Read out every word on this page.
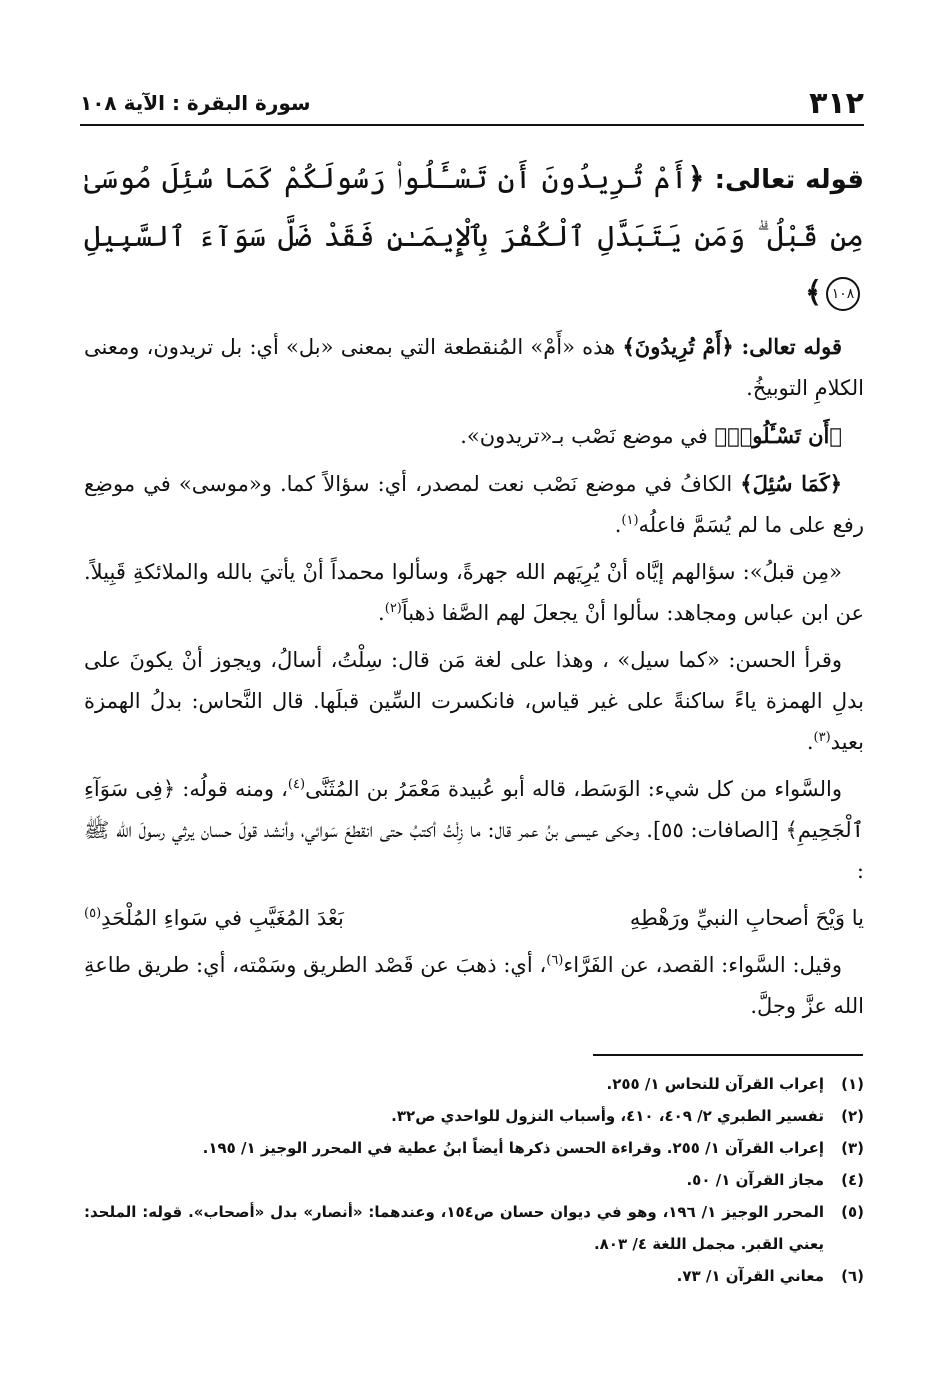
٣١٢
سورة البقرة : الآية ١٠٨

قوله تعالى: ﴿أَمْ تُرِيدُونَ أَن تَسْـَٔلُوا۟ رَسُولَكُمْ كَمَا سُئِلَ مُوسَىٰ مِن قَبْلُ ۗ وَمَن يَتَبَدَّلِ ٱلْكُفْرَ بِٱلْإِيمَـٰنِ فَقَدْ ضَلَّ سَوَآءَ ٱلسَّبِيلِ ١٠٨﴾

قوله تعالى: ﴿أَمْ تُرِيدُونَ﴾ هذه «أَمْ» المُنقطعة التي بمعنى «بل» أي: بل تريدون، ومعنى الكلامِ التوبيخُ.

﴿أَن تَسْـَٔلُوا۟﴾ في موضع نَصْب بـ«تريدون».

﴿كَمَا سُئِلَ﴾ الكافُ في موضع نَصْب نعت لمصدر، أي: سؤالاً كما. و«موسى» في موضِع رفع على ما لم يُسَمَّ فاعلُه$^{(١)}$.

«مِن قبلُ»: سؤالهم إيَّاه أنْ يُرِيَهم الله جهرةً، وسألوا محمداً أنْ يأتيَ بالله والملائكةِ قَبِيلاً. عن ابن عباس ومجاهد: سألوا أنْ يجعلَ لهم الصَّفا ذهباً$^{(٢)}$.

وقرأ الحسن: «كما سيل» ، وهذا على لغة مَن قال: سِلْتُ، أسالُ، ويجوز أنْ يكونَ على بدلِ الهمزة ياءً ساكنةً على غير قياس، فانكسرت السِّين قبلَها. قال النَّحاس: بدلُ الهمزة بعيد$^{(٣)}$.

والسَّواء من كل شيء: الوَسَط، قاله أبو عُبيدة مَعْمَرُ بن المُثَنَّى$^{(٤)}$، ومنه قولُه: ﴿فِى سَوَآءِ ٱلْجَحِيمِ﴾ [الصافات: ٥٥]. وحكى عيسى بنُ عمر قال: ما زِلْتُ أكتبُ حتى انقطعَ سَوائي، وأنشد قولَ حسان يرثي رسولَ الله ﷺ :

يا وَيْحَ أصحابِ النبيِّ ورَهْطِهِ
بَعْدَ المُغَيَّبِ في سَواءِ المُلْحَدِ$^{(٥)}$

وقيل: السَّواء: القصد، عن الفَرَّاء$^{(٦)}$، أي: ذهبَ عن قَصْد الطريق وسَمْته، أي: طريق طاعةِ الله عزَّ وجلَّ.

(١)
إعراب القرآن للنحاس ١/ ٢٥٥.
(٢)
تفسير الطبري ٢/ ٤٠٩، ٤١٠، وأسباب النزول للواحدي ص٣٢.
(٣)
إعراب القرآن ١/ ٢٥٥. وقراءة الحسن ذكرها أيضاً ابنُ عطية في المحرر الوجيز ١/ ١٩٥.
(٤)
مجاز القرآن ١/ ٥٠.
(٥)
المحرر الوجيز ١/ ١٩٦، وهو في ديوان حسان ص١٥٤، وعندهما: «أنصار» بدل «أصحاب». قوله: الملحد: يعني القبر. مجمل اللغة ٤/ ٨٠٣.
(٦)
معاني القرآن ١/ ٧٣.
